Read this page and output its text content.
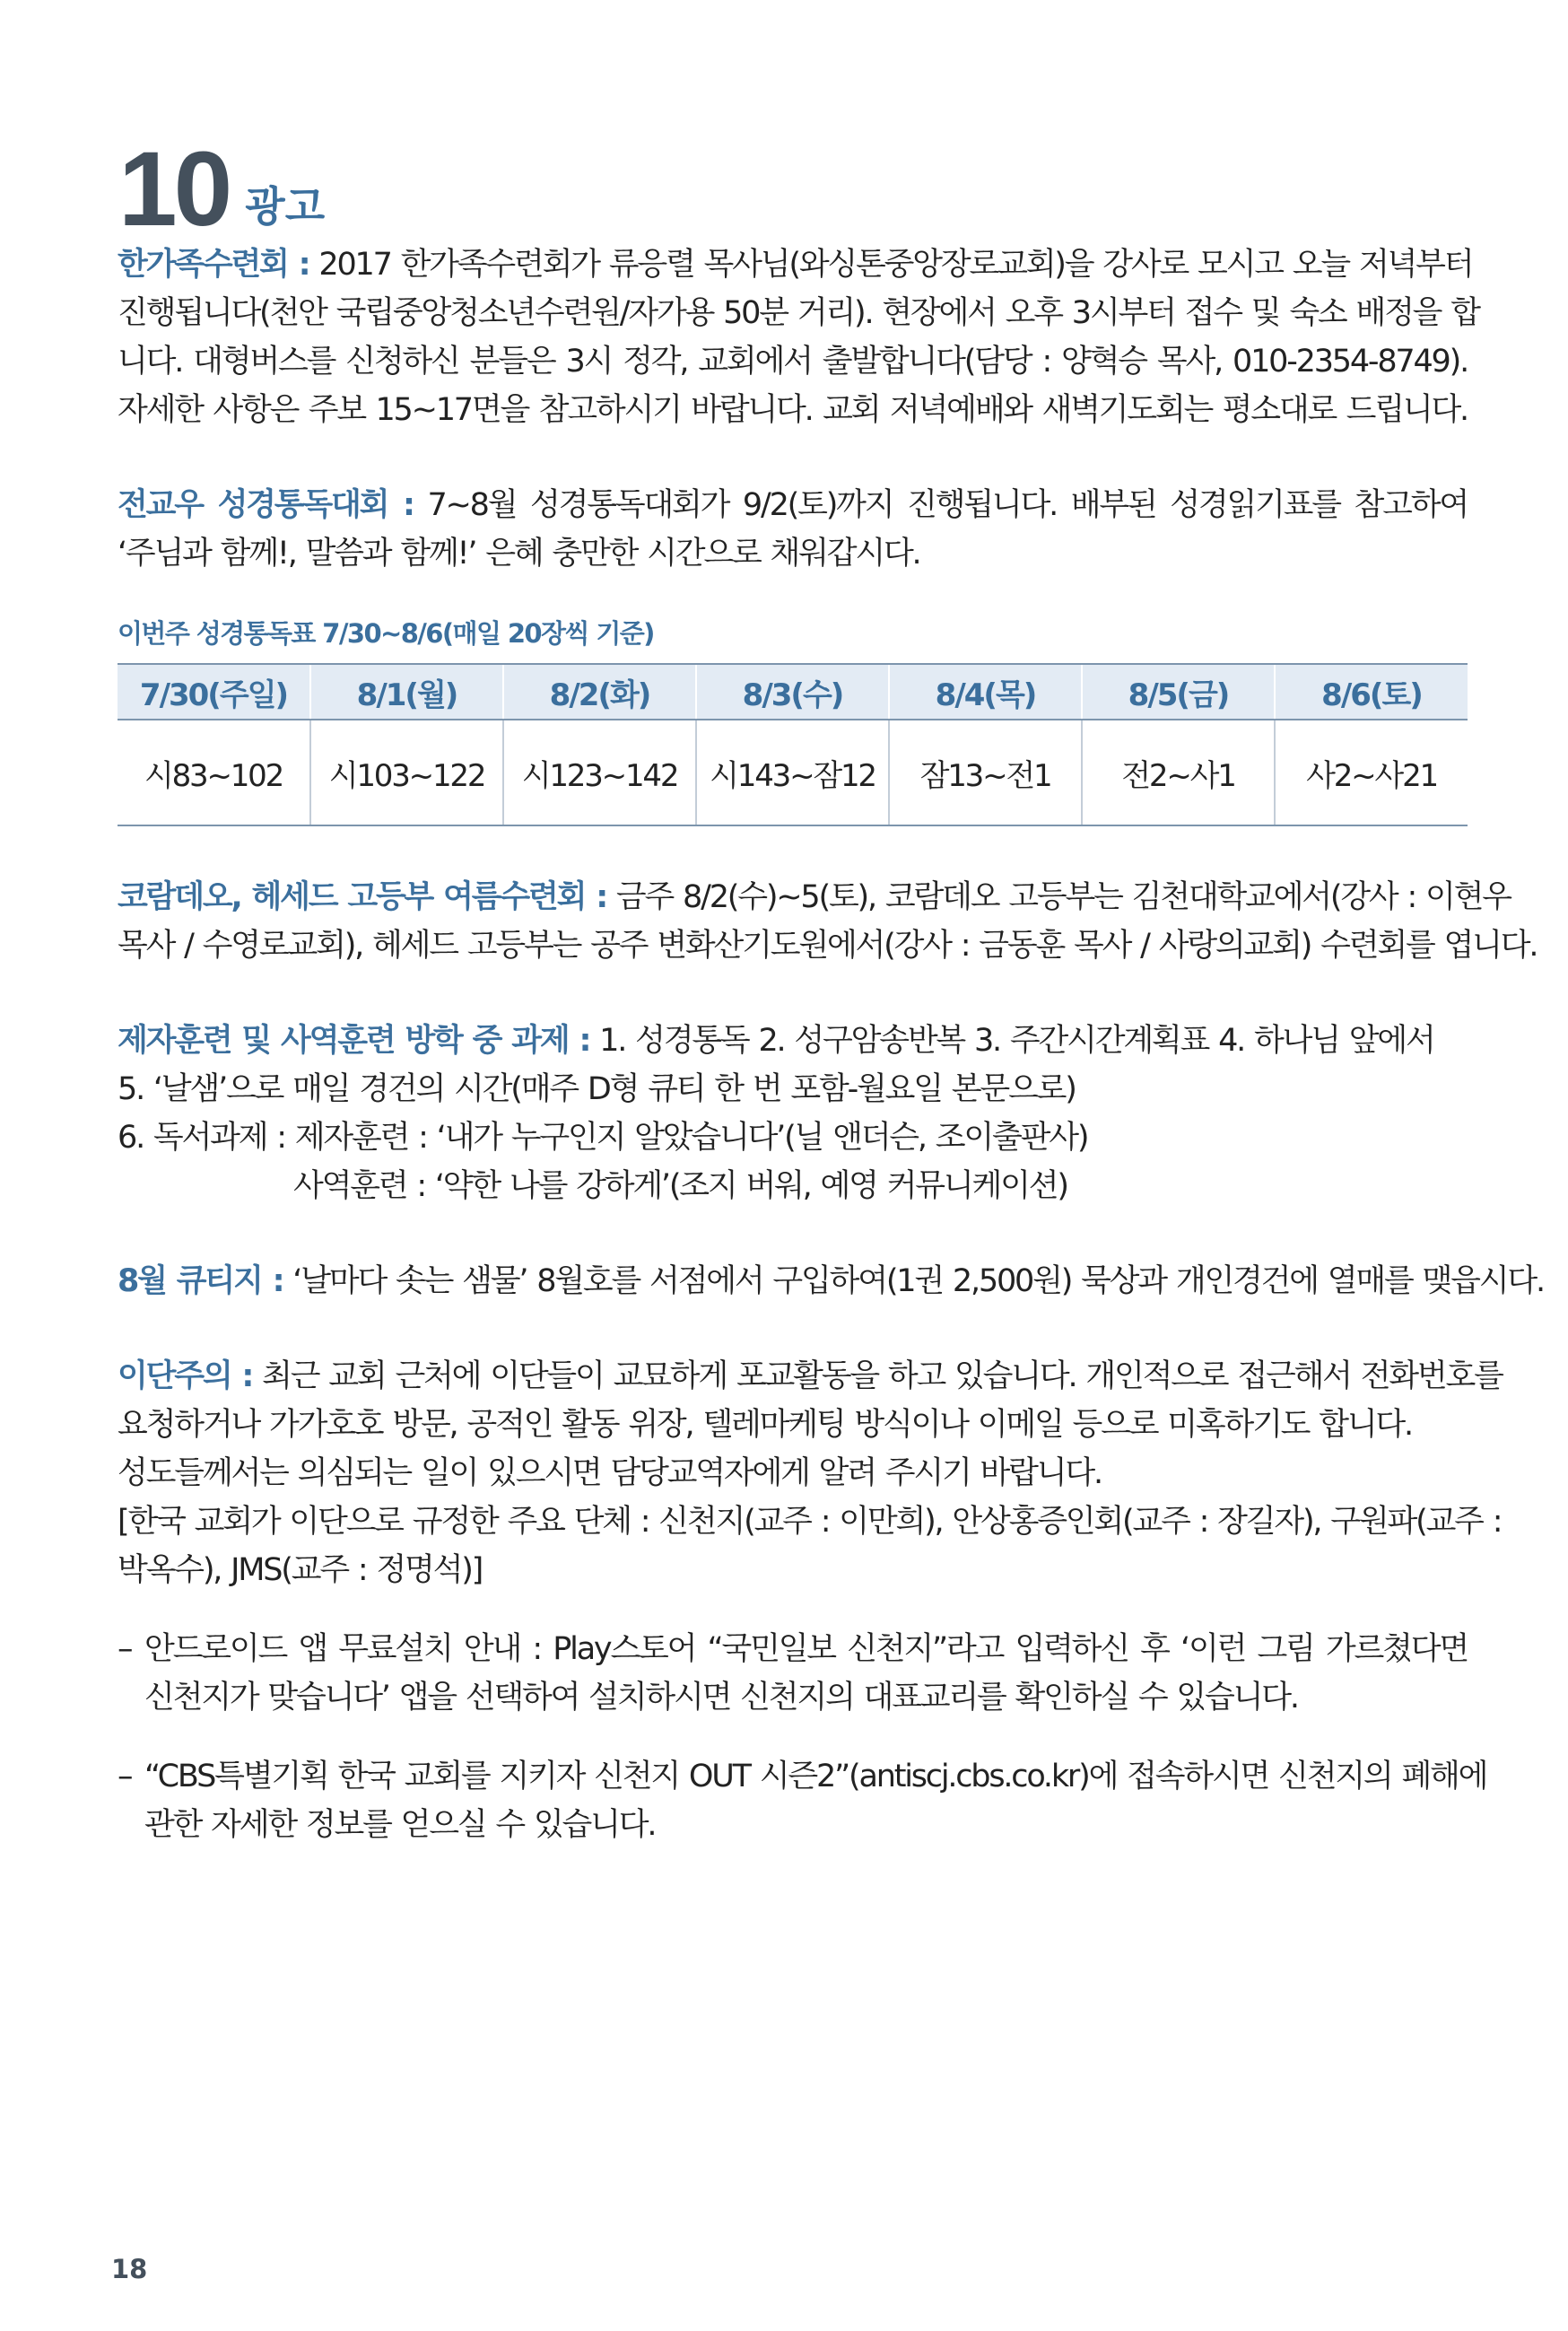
10 광고

한가족수련회 : 2017 한가족수련회가 류응렬 목사님(와싱톤중앙장로교회)을 강사로 모시고 오늘 저녁부터
진행됩니다(천안 국립중앙청소년수련원/자가용 50분 거리). 현장에서 오후 3시부터 접수 및 숙소 배정을 합
니다. 대형버스를 신청하신 분들은 3시 정각, 교회에서 출발합니다(담당 : 양혁승 목사, 010-2354-8749).
자세한 사항은 주보 15~17면을 참고하시기 바랍니다. 교회 저녁예배와 새벽기도회는 평소대로 드립니다.

전교우 성경통독대회 : 7~8월 성경통독대회가 9/2(토)까지 진행됩니다. 배부된 성경읽기표를 참고하여
‘주님과 함께!, 말씀과 함께!’ 은혜 충만한 시간으로 채워갑시다.

이번주 성경통독표 7/30~8/6(매일 20장씩 기준)
7/30(주일)	8/1(월)	8/2(화)	8/3(수)	8/4(목)	8/5(금)	8/6(토)
시83~102	시103~122	시123~142	시143~잠12	잠13~전1	전2~사1	사2~사21

코람데오, 헤세드 고등부 여름수련회 : 금주 8/2(수)~5(토), 코람데오 고등부는 김천대학교에서(강사 : 이현우
목사 / 수영로교회), 헤세드 고등부는 공주 변화산기도원에서(강사 : 금동훈 목사 / 사랑의교회) 수련회를 엽니다.

제자훈련 및 사역훈련 방학 중 과제 : 1. 성경통독 2. 성구암송반복 3. 주간시간계획표 4. 하나님 앞에서
5. ‘날샘’으로 매일 경건의 시간(매주 D형 큐티 한 번 포함-월요일 본문으로)
6. 독서과제 : 제자훈련 : ‘내가 누구인지 알았습니다’(닐 앤더슨, 조이출판사)
사역훈련 : ‘약한 나를 강하게’(조지 버워, 예영 커뮤니케이션)

8월 큐티지 : ‘날마다 솟는 샘물’ 8월호를 서점에서 구입하여(1권 2,500원) 묵상과 개인경건에 열매를 맺읍시다.

이단주의 : 최근 교회 근처에 이단들이 교묘하게 포교활동을 하고 있습니다. 개인적으로 접근해서 전화번호를
요청하거나 가가호호 방문, 공적인 활동 위장, 텔레마케팅 방식이나 이메일 등으로 미혹하기도 합니다.
성도들께서는 의심되는 일이 있으시면 담당교역자에게 알려 주시기 바랍니다.
[한국 교회가 이단으로 규정한 주요 단체 : 신천지(교주 : 이만희), 안상홍증인회(교주 : 장길자), 구원파(교주 :
박옥수), JMS(교주 : 정명석)]

– 안드로이드 앱 무료설치 안내 : Play스토어 “국민일보 신천지”라고 입력하신 후 ‘이런 그림 가르쳤다면
신천지가 맞습니다’ 앱을 선택하여 설치하시면 신천지의 대표교리를 확인하실 수 있습니다.
– “CBS특별기획 한국 교회를 지키자 신천지 OUT 시즌2”(antiscj.cbs.co.kr)에 접속하시면 신천지의 폐해에
관한 자세한 정보를 얻으실 수 있습니다.
18
